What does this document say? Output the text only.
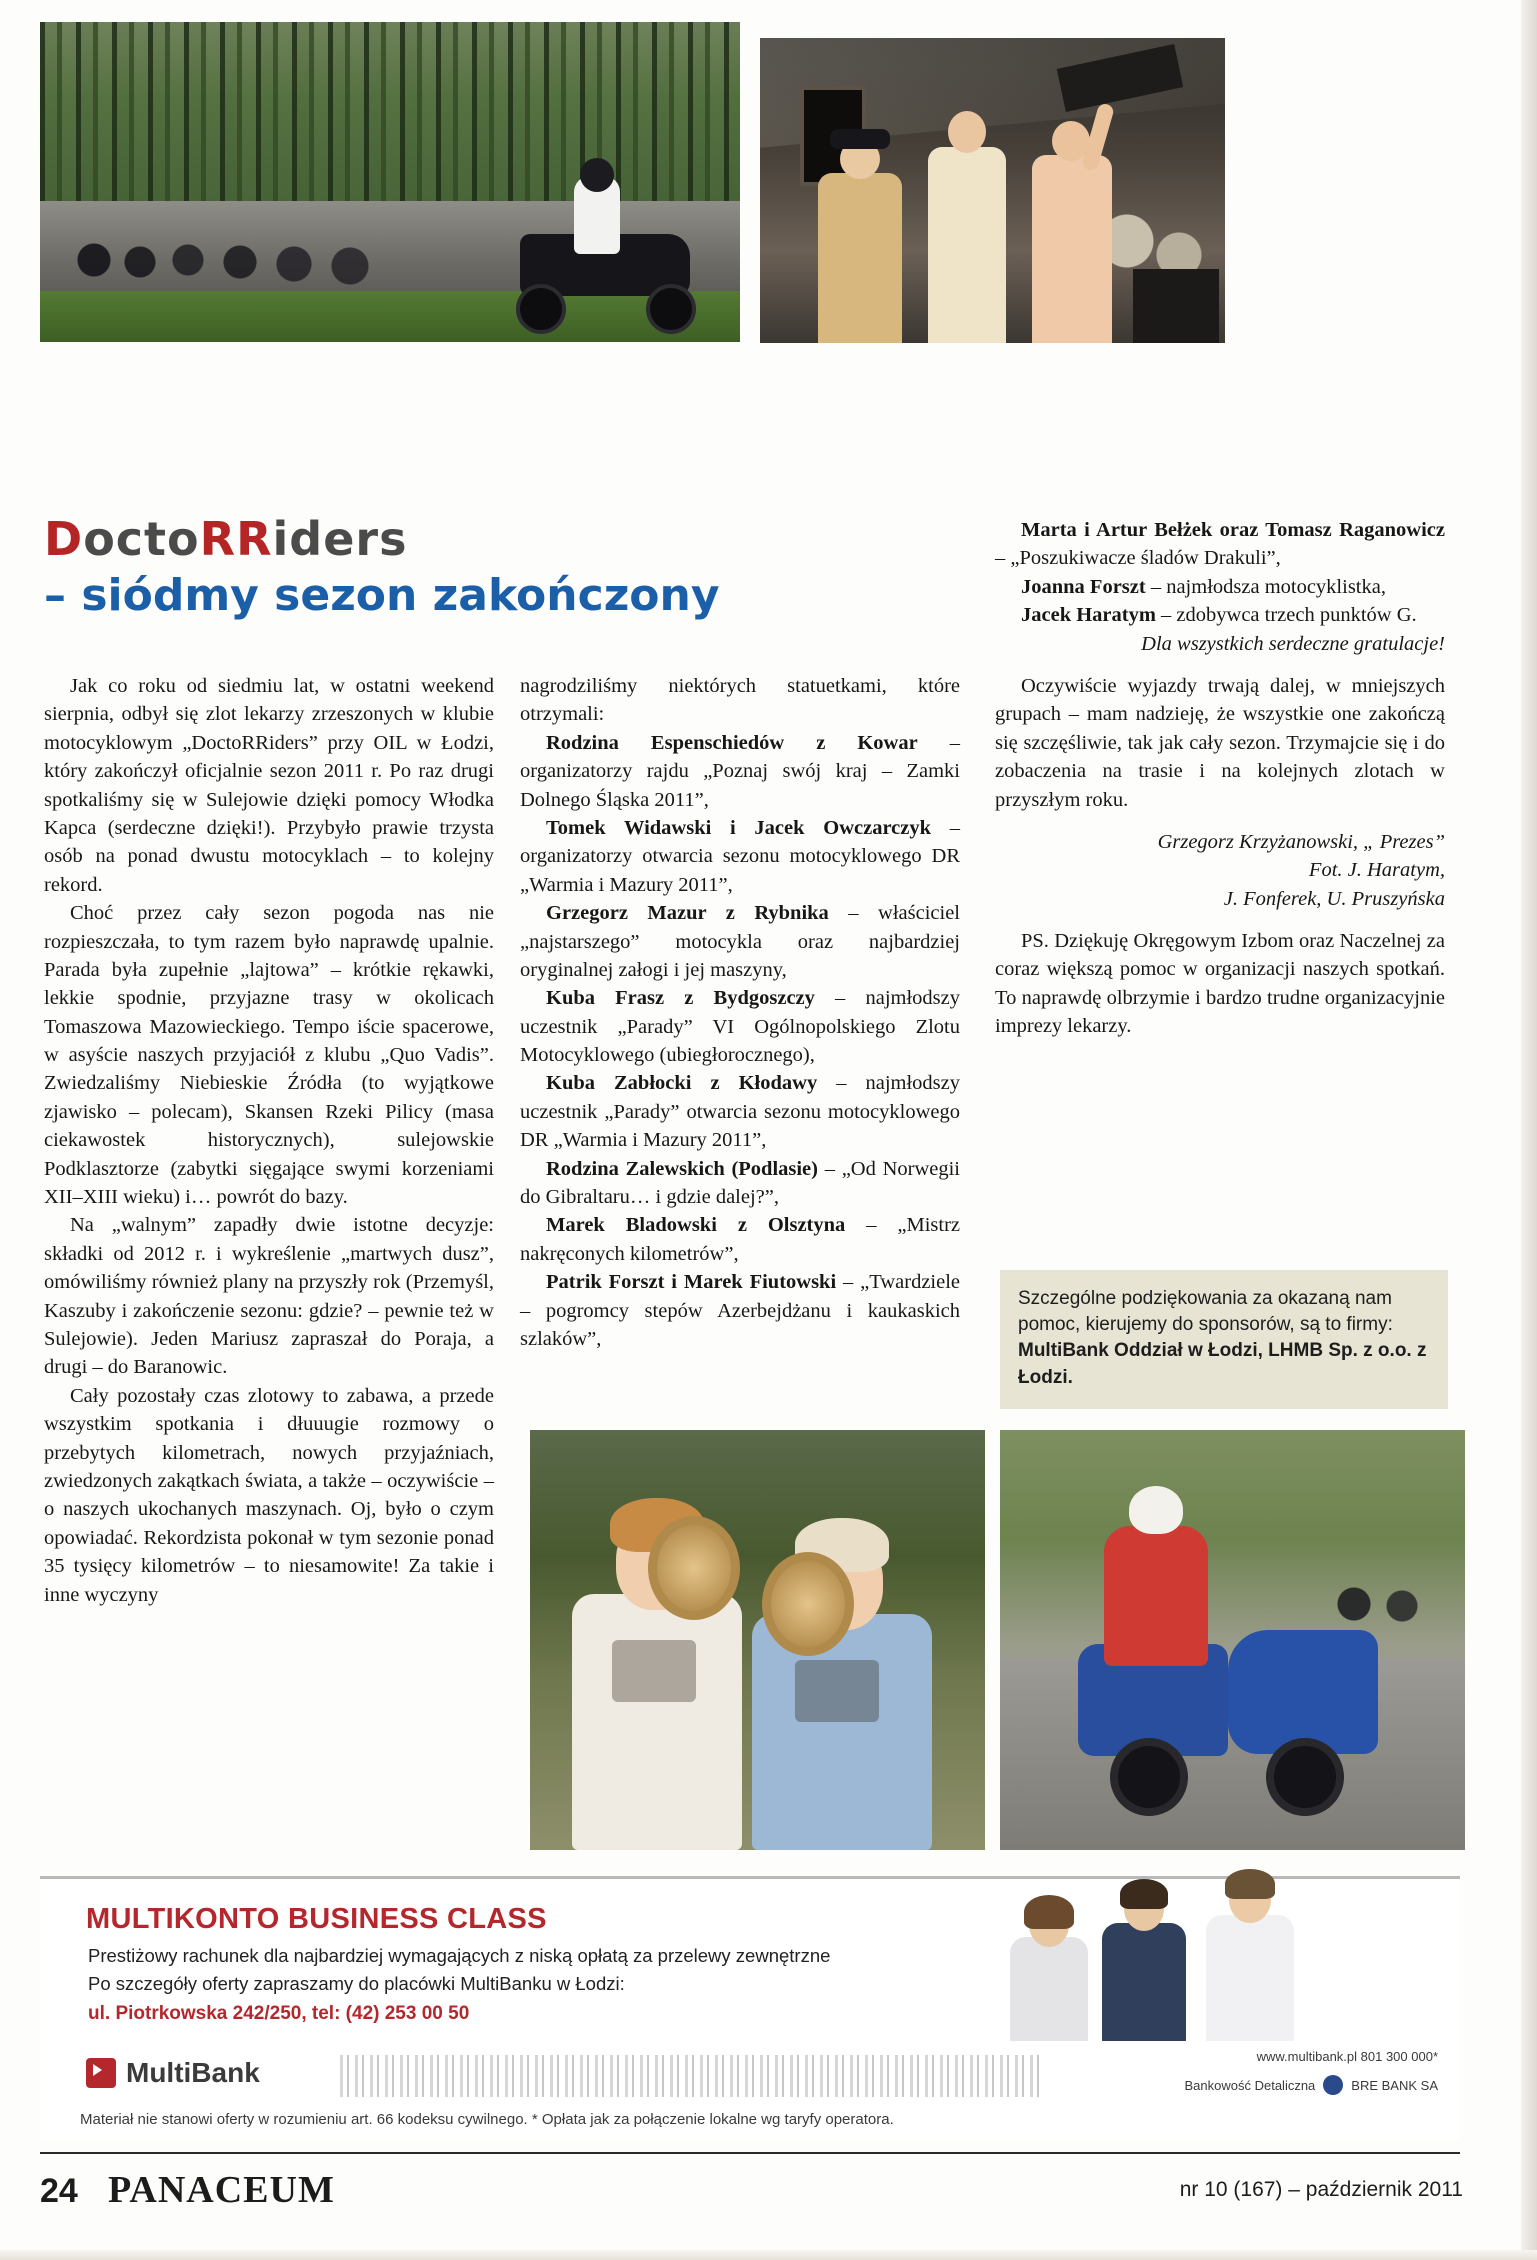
DoctoRRiders
– siódmy sezon zakończony

Jak co roku od siedmiu lat, w ostatni weekend sierpnia, odbył się zlot lekarzy zrzeszonych w klubie motocyklowym „DoctoRRiders” przy OIL w Łodzi, który zakończył oficjalnie sezon 2011 r. Po raz drugi spotkaliśmy się w Sulejowie dzięki pomocy Włodka Kapca (serdeczne dzięki!). Przybyło prawie trzysta osób na ponad dwustu motocyklach – to kolejny rekord.

Choć przez cały sezon pogoda nas nie rozpieszczała, to tym razem było naprawdę upalnie. Parada była zupełnie „lajtowa” – krótkie rękawki, lekkie spodnie, przyjazne trasy w okolicach Tomaszowa Mazowieckiego. Tempo iście spacerowe, w asyście naszych przyjaciół z klubu „Quo Vadis”. Zwiedzaliśmy Niebieskie Źródła (to wyjątkowe zjawisko – polecam), Skansen Rzeki Pilicy (masa ciekawostek historycznych), sulejowskie Podklasztorze (zabytki sięgające swymi korzeniami XII–XIII wieku) i… powrót do bazy.

Na „walnym” zapadły dwie istotne decyzje: składki od 2012 r. i wykreślenie „martwych dusz”, omówiliśmy również plany na przyszły rok (Przemyśl, Kaszuby i zakończenie sezonu: gdzie? – pewnie też w Sulejowie). Jeden Mariusz zapraszał do Poraja, a drugi – do Baranowic.

Cały pozostały czas zlotowy to zabawa, a przede wszystkim spotkania i dłuuugie rozmowy o przebytych kilometrach, nowych przyjaźniach, zwiedzonych zakątkach świata, a także – oczywiście – o naszych ukochanych maszynach. Oj, było o czym opowiadać. Rekordzista pokonał w tym sezonie ponad 35 tysięcy kilometrów – to niesamowite! Za takie i inne wyczyny

nagrodziliśmy niektórych statuetkami, które otrzymali:

Rodzina Espenschiedów z Kowar – organizatorzy rajdu „Poznaj swój kraj – Zamki Dolnego Śląska 2011”,

Tomek Widawski i Jacek Owczarczyk – organizatorzy otwarcia sezonu motocyklowego DR „Warmia i Mazury 2011”,

Grzegorz Mazur z Rybnika – właściciel „najstarszego” motocykla oraz najbardziej oryginalnej załogi i jej maszyny,

Kuba Frasz z Bydgoszczy – najmłodszy uczestnik „Parady” VI Ogólnopolskiego Zlotu Motocyklowego (ubiegłorocznego),

Kuba Zabłocki z Kłodawy – najmłodszy uczestnik „Parady” otwarcia sezonu motocyklowego DR „Warmia i Mazury 2011”,

Rodzina Zalewskich (Podlasie) – „Od Norwegii do Gibraltaru… i gdzie dalej?”,

Marek Bladowski z Olsztyna – „Mistrz nakręconych kilometrów”,

Patrik Forszt i Marek Fiutowski – „Twardziele – pogromcy stepów Azerbejdżanu i kaukaskich szlaków”,

Marta i Artur Bełżek oraz Tomasz Raganowicz – „Poszukiwacze śladów Drakuli”,

Joanna Forszt – najmłodsza motocyklistka,

Jacek Haratym – zdobywca trzech punktów G.

Dla wszystkich serdeczne gratulacje!

Oczywiście wyjazdy trwają dalej, w mniejszych grupach – mam nadzieję, że wszystkie one zakończą się szczęśliwie, tak jak cały sezon. Trzymajcie się i do zobaczenia na trasie i na kolejnych zlotach w przyszłym roku.

Grzegorz Krzyżanowski, „ Prezes”

Fot. J. Haratym,

J. Fonferek, U. Pruszyńska

PS. Dziękuję Okręgowym Izbom oraz Naczelnej za coraz większą pomoc w organizacji naszych spotkań. To naprawdę olbrzymie i bardzo trudne organizacyjnie imprezy lekarzy.

Szczególne podziękowania za okazaną nam pomoc, kierujemy do sponsorów, są to firmy: MultiBank Oddział w Łodzi, LHMB Sp. z o.o. z Łodzi.
MULTIKONTO BUSINESS CLASS
Prestiżowy rachunek dla najbardziej wymagających z niską opłatą za przelewy zewnętrzne
Po szczegóły oferty zapraszamy do placówki MultiBanku w Łodzi:
ul. Piotrkowska 242/250, tel: (42) 253 00 50
MultiBank
www.multibank.pl 801 300 000*
Bankowość Detaliczna	BRE BANK SA
Materiał nie stanowi oferty w rozumieniu art. 66 kodeksu cywilnego. * Opłata jak za połączenie lokalne wg taryfy operatora.
24 PANACEUM	nr 10 (167) – październik 2011
